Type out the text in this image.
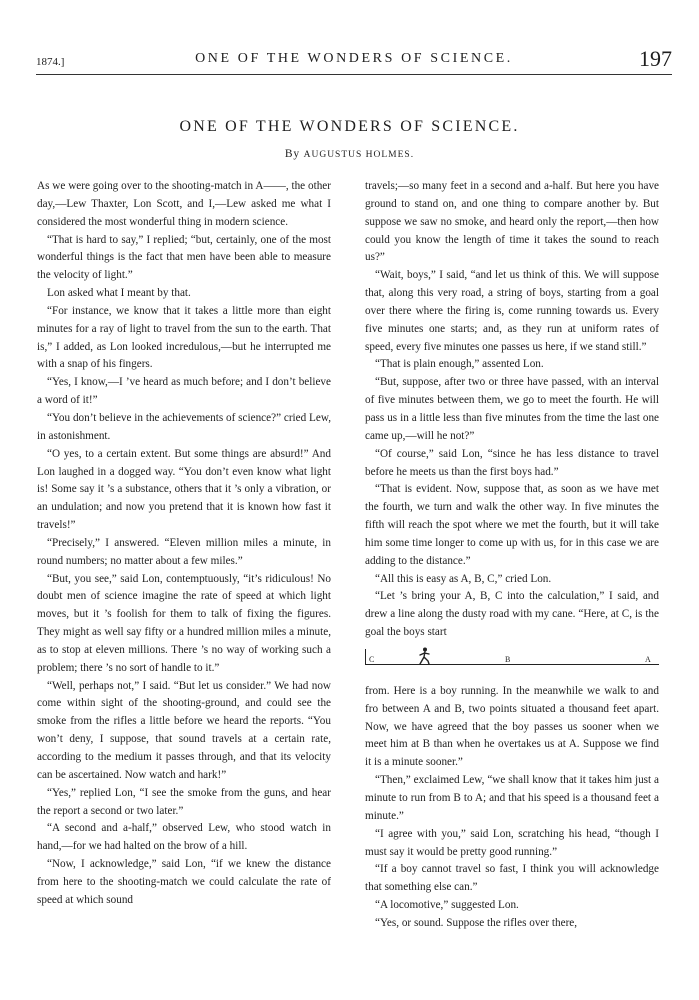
1874.]	ONE OF THE WONDERS OF SCIENCE.	197
ONE OF THE WONDERS OF SCIENCE.
By AUGUSTUS HOLMES.

As we were going over to the shooting-match in A——, the other day,—Lew Thaxter, Lon Scott, and I,—Lew asked me what I considered the most wonderful thing in modern science.

“That is hard to say,” I replied; “but, certainly, one of the most wonderful things is the fact that men have been able to measure the velocity of light.”

Lon asked what I meant by that.

“For instance, we know that it takes a little more than eight minutes for a ray of light to travel from the sun to the earth. That is,” I added, as Lon looked incredulous,—but he interrupted me with a snap of his fingers.

“Yes, I know,—I ’ve heard as much before; and I don’t believe a word of it!”

“You don’t believe in the achievements of science?” cried Lew, in astonishment.

“O yes, to a certain extent. But some things are absurd!” And Lon laughed in a dogged way. “You don’t even know what light is! Some say it ’s a substance, others that it ’s only a vibration, or an undulation; and now you pretend that it is known how fast it travels!”

“Precisely,” I answered. “Eleven million miles a minute, in round numbers; no matter about a few miles.”

“But, you see,” said Lon, contemptuously, “it’s ridiculous! No doubt men of science imagine the rate of speed at which light moves, but it ’s foolish for them to talk of fixing the figures. They might as well say fifty or a hundred million miles a minute, as to stop at eleven millions. There ’s no way of working such a problem; there ’s no sort of handle to it.”

“Well, perhaps not,” I said. “But let us consider.” We had now come within sight of the shooting-ground, and could see the smoke from the rifles a little before we heard the reports. “You won’t deny, I suppose, that sound travels at a certain rate, according to the medium it passes through, and that its velocity can be ascertained. Now watch and hark!”

“Yes,” replied Lon, “I see the smoke from the guns, and hear the report a second or two later.”

“A second and a-half,” observed Lew, who stood watch in hand,—for we had halted on the brow of a hill.

“Now, I acknowledge,” said Lon, “if we knew the distance from here to the shooting-match we could calculate the rate of speed at which sound

travels;—so many feet in a second and a-half. But here you have ground to stand on, and one thing to compare another by. But suppose we saw no smoke, and heard only the report,—then how could you know the length of time it takes the sound to reach us?”

“Wait, boys,” I said, “and let us think of this. We will suppose that, along this very road, a string of boys, starting from a goal over there where the firing is, come running towards us. Every five minutes one starts; and, as they run at uniform rates of speed, every five minutes one passes us here, if we stand still.”

“That is plain enough,” assented Lon.

“But, suppose, after two or three have passed, with an interval of five minutes between them, we go to meet the fourth. He will pass us in a little less than five minutes from the time the last one came up,—will he not?”

“Of course,” said Lon, “since he has less distance to travel before he meets us than the first boys had.”

“That is evident. Now, suppose that, as soon as we have met the fourth, we turn and walk the other way. In five minutes the fifth will reach the spot where we met the fourth, but it will take him some time longer to come up with us, for in this case we are adding to the distance.”

“All this is easy as A, B, C,” cried Lon.

“Let ’s bring your A, B, C into the calculation,” I said, and drew a line along the dusty road with my cane. “Here, at C, is the goal the boys start

C	B	A

from. Here is a boy running. In the meanwhile we walk to and fro between A and B, two points situated a thousand feet apart. Now, we have agreed that the boy passes us sooner when we meet him at B than when he overtakes us at A. Suppose we find it is a minute sooner.”

“Then,” exclaimed Lew, “we shall know that it takes him just a minute to run from B to A; and that his speed is a thousand feet a minute.”

“I agree with you,” said Lon, scratching his head, “though I must say it would be pretty good running.”

“If a boy cannot travel so fast, I think you will acknowledge that something else can.”

“A locomotive,” suggested Lon.

“Yes, or sound. Suppose the rifles over there,
